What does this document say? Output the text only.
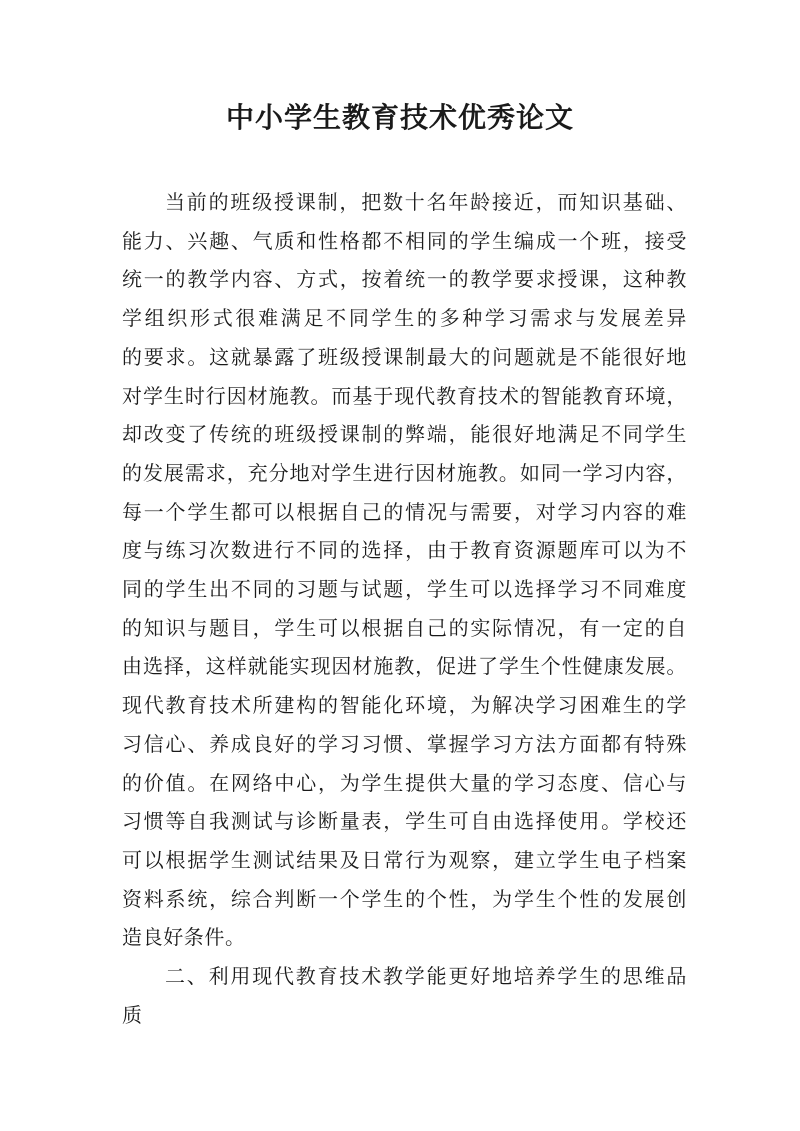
中小学生教育技术优秀论文
当前的班级授课制，把数十名年龄接近，而知识基础、
能力、兴趣、气质和性格都不相同的学生编成一个班，接受
统一的教学内容、方式，按着统一的教学要求授课，这种教
学组织形式很难满足不同学生的多种学习需求与发展差异
的要求。这就暴露了班级授课制最大的问题就是不能很好地
对学生时行因材施教。而基于现代教育技术的智能教育环境，
却改变了传统的班级授课制的弊端，能很好地满足不同学生
的发展需求，充分地对学生进行因材施教。如同一学习内容，
每一个学生都可以根据自己的情况与需要，对学习内容的难
度与练习次数进行不同的选择，由于教育资源题库可以为不
同的学生出不同的习题与试题，学生可以选择学习不同难度
的知识与题目，学生可以根据自己的实际情况，有一定的自
由选择，这样就能实现因材施教，促进了学生个性健康发展。
现代教育技术所建构的智能化环境，为解决学习困难生的学
习信心、养成良好的学习习惯、掌握学习方法方面都有特殊
的价值。在网络中心，为学生提供大量的学习态度、信心与
习惯等自我测试与诊断量表，学生可自由选择使用。学校还
可以根据学生测试结果及日常行为观察，建立学生电子档案
资料系统，综合判断一个学生的个性，为学生个性的发展创
造良好条件。
二、利用现代教育技术教学能更好地培养学生的思维品
质
